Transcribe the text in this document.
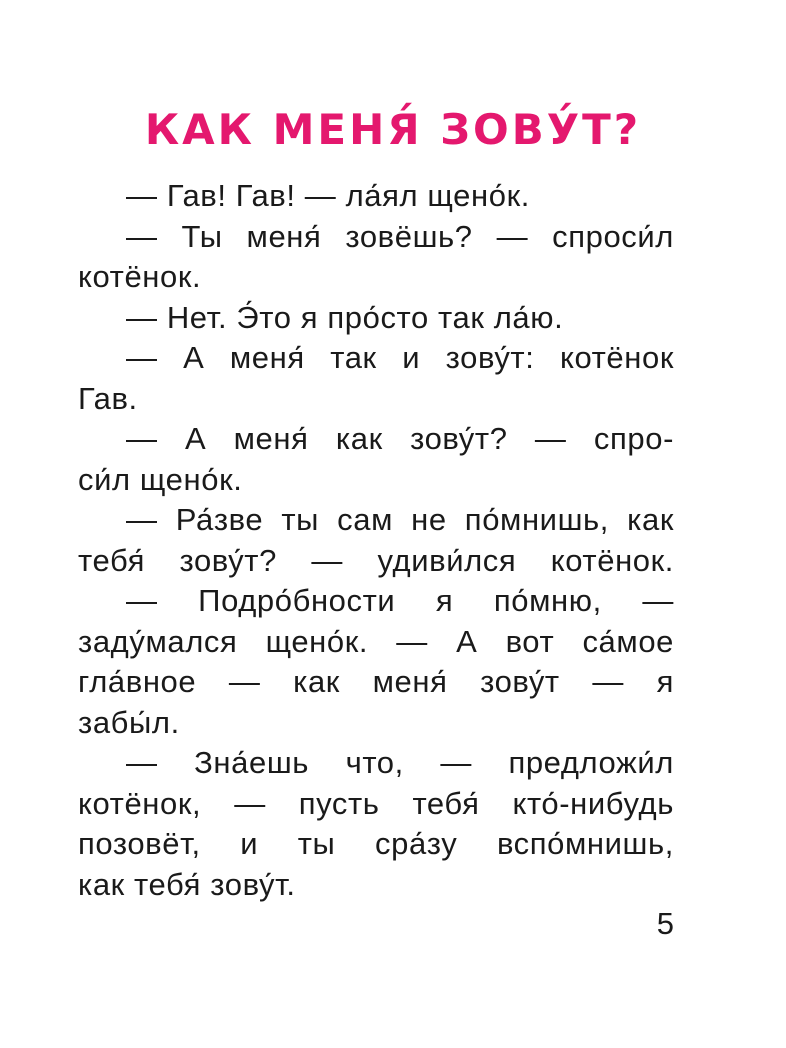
КАК МЕНЯ́ ЗОВУ́Т?
— Гав! Гав! — ла́ял щено́к.
— Ты меня́ зовёшь? — спроси́л
котёнок.
— Нет. Э́то я про́сто так ла́ю.
— А меня́ так и зову́т: котёнок
Гав.
— А меня́ как зову́т? — спро-
си́л щено́к.
— Ра́зве ты сам не по́мнишь, как
тебя́ зову́т? — удиви́лся котёнок.
— Подро́бности я по́мню, —
заду́мался щено́к. — А вот са́мое
гла́вное — как меня́ зову́т — я
забы́л.
— Зна́ешь что, — предложи́л
котёнок, — пусть тебя́ кто́-нибудь
позовёт, и ты сра́зу вспо́мнишь,
как тебя́ зову́т.
5
